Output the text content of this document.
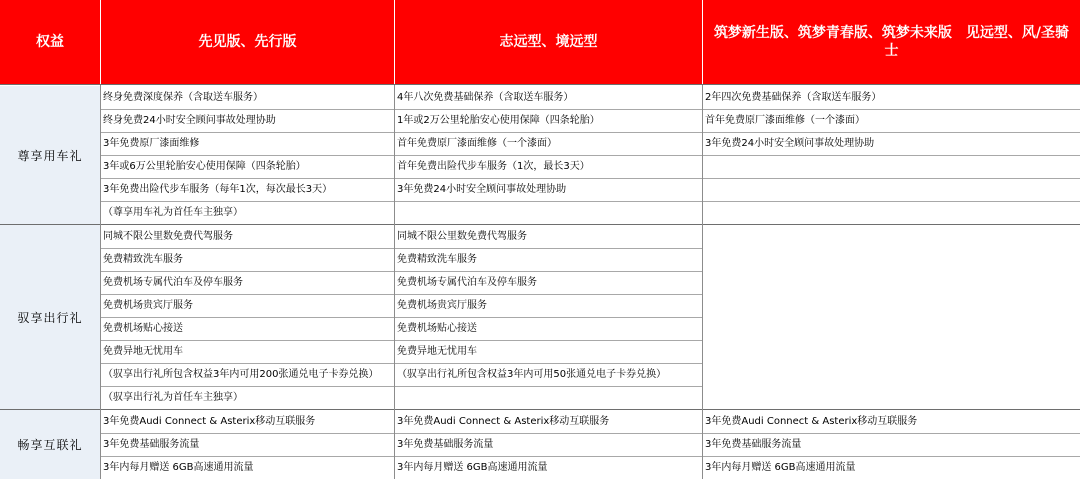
权益	先见版、先行版	志远型、境远型
筑梦新生版、筑梦青春版、筑梦未来版　见远型、风/圣骑
士
尊享用车礼
终身免费深度保养（含取送车服务）
终身免费24小时安全顾问事故处理协助
3年免费原厂漆面维修
3年或6万公里轮胎安心使用保障（四条轮胎）
3年免费出险代步车服务（每年1次，每次最长3天）
（尊享用车礼为首任车主独享）
4年八次免费基础保养（含取送车服务）
1年或2万公里轮胎安心使用保障（四条轮胎）
首年免费原厂漆面维修（一个漆面）
首年免费出险代步车服务（1次，最长3天）
3年免费24小时安全顾问事故处理协助
2年四次免费基础保养（含取送车服务）
首年免费原厂漆面维修（一个漆面）
3年免费24小时安全顾问事故处理协助
驭享出行礼
同城不限公里数免费代驾服务
免费精致洗车服务
免费机场专属代泊车及停车服务
免费机场贵宾厅服务
免费机场贴心接送
免费异地无忧用车
（驭享出行礼所包含权益3年内可用200张通兑电子卡券兑换）
（驭享出行礼为首任车主独享）
同城不限公里数免费代驾服务
免费精致洗车服务
免费机场专属代泊车及停车服务
免费机场贵宾厅服务
免费机场贴心接送
免费异地无忧用车
（驭享出行礼所包含权益3年内可用50张通兑电子卡券兑换）
畅享互联礼
3年免费Audi Connect & Asterix移动互联服务
3年免费基础服务流量
3年内每月赠送 6GB高速通用流量
3年免费Audi Connect & Asterix移动互联服务
3年免费基础服务流量
3年内每月赠送 6GB高速通用流量
3年免费Audi Connect & Asterix移动互联服务
3年免费基础服务流量
3年内每月赠送 6GB高速通用流量
